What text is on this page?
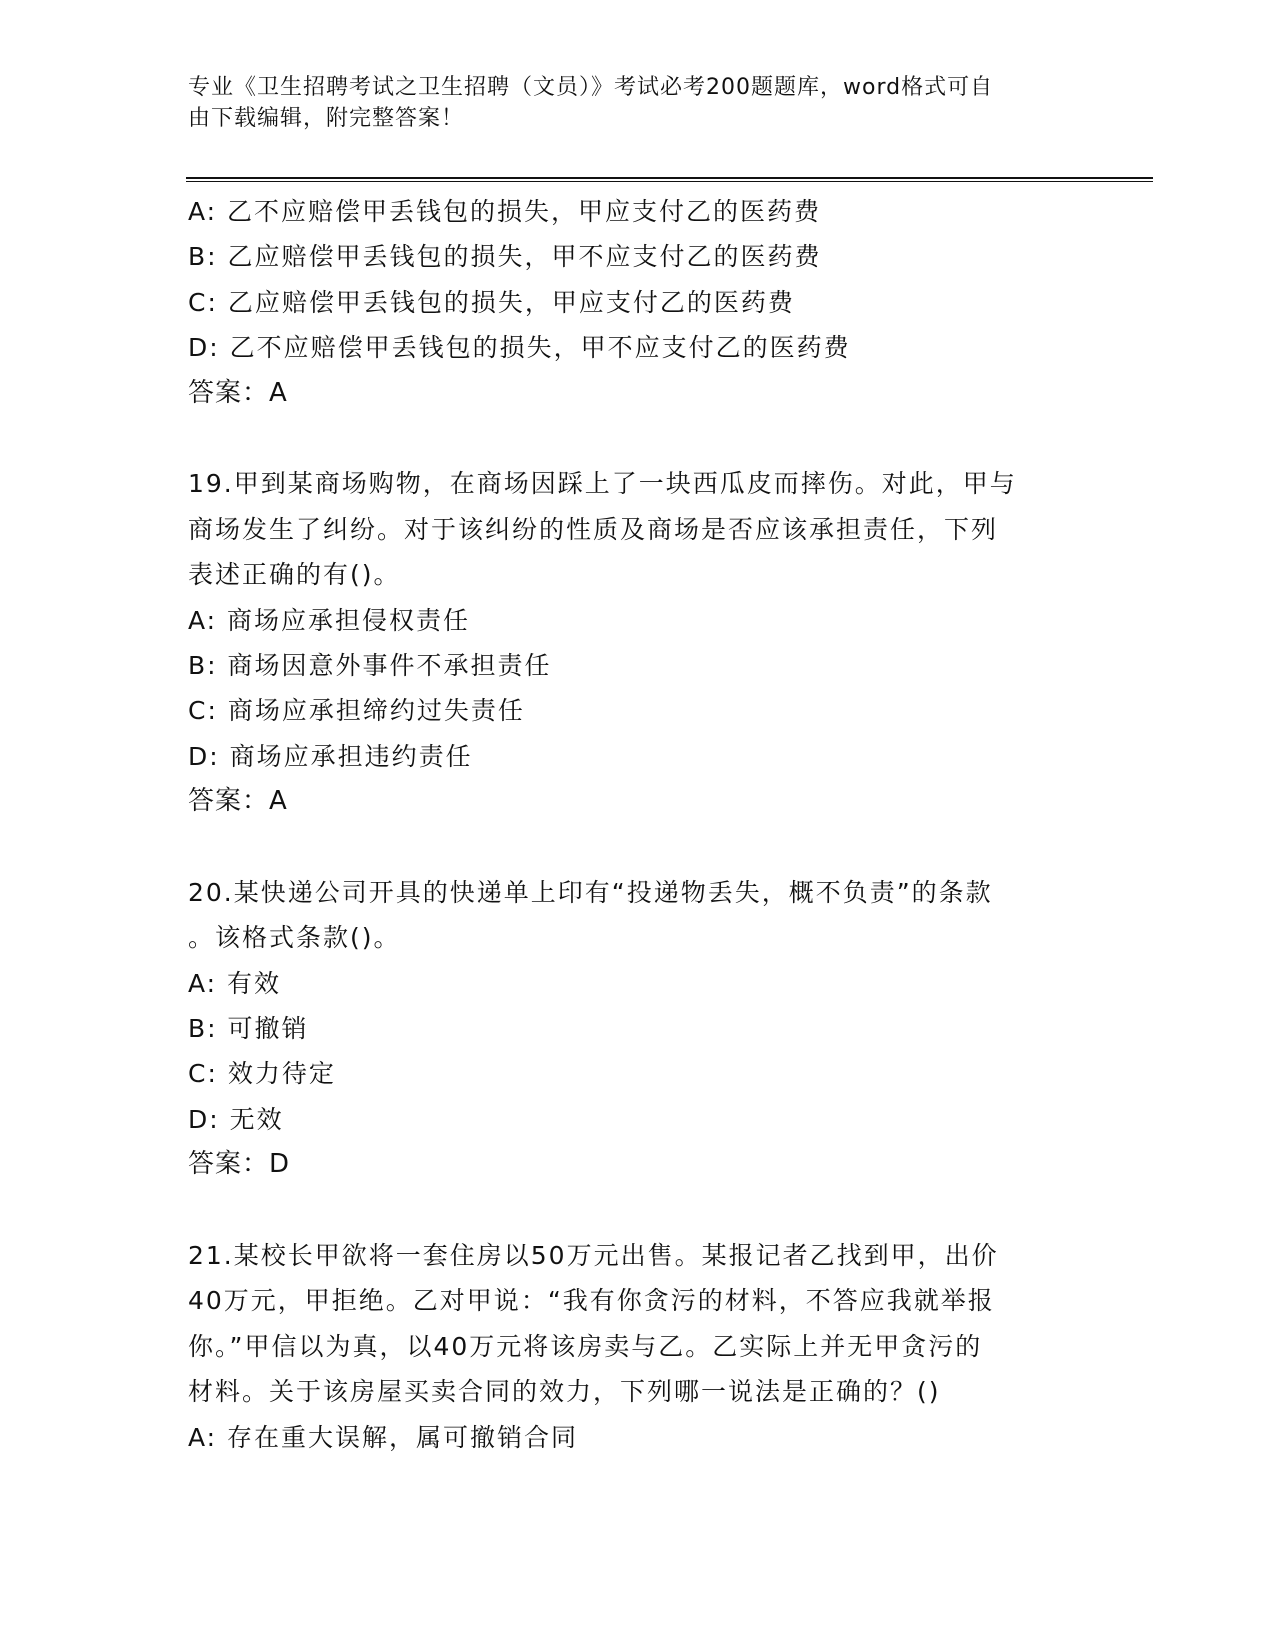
专业《卫生招聘考试之卫生招聘（文员）》考试必考200题题库，word格式可自
由下载编辑，附完整答案！
A: 乙不应赔偿甲丢钱包的损失，甲应支付乙的医药费
B: 乙应赔偿甲丢钱包的损失，甲不应支付乙的医药费
C: 乙应赔偿甲丢钱包的损失，甲应支付乙的医药费
D: 乙不应赔偿甲丢钱包的损失，甲不应支付乙的医药费
答案：A
19.甲到某商场购物，在商场因踩上了一块西瓜皮而摔伤。对此，甲与
商场发生了纠纷。对于该纠纷的性质及商场是否应该承担责任，下列
表述正确的有()。
A: 商场应承担侵权责任
B: 商场因意外事件不承担责任
C: 商场应承担缔约过失责任
D: 商场应承担违约责任
答案：A
20.某快递公司开具的快递单上印有“投递物丢失，概不负责”的条款
。该格式条款()。
A: 有效
B: 可撤销
C: 效力待定
D: 无效
答案：D
21.某校长甲欲将一套住房以50万元出售。某报记者乙找到甲，出价
40万元，甲拒绝。乙对甲说：“我有你贪污的材料，不答应我就举报
你。”甲信以为真，以40万元将该房卖与乙。乙实际上并无甲贪污的
材料。关于该房屋买卖合同的效力，下列哪一说法是正确的？()
A: 存在重大误解，属可撤销合同
